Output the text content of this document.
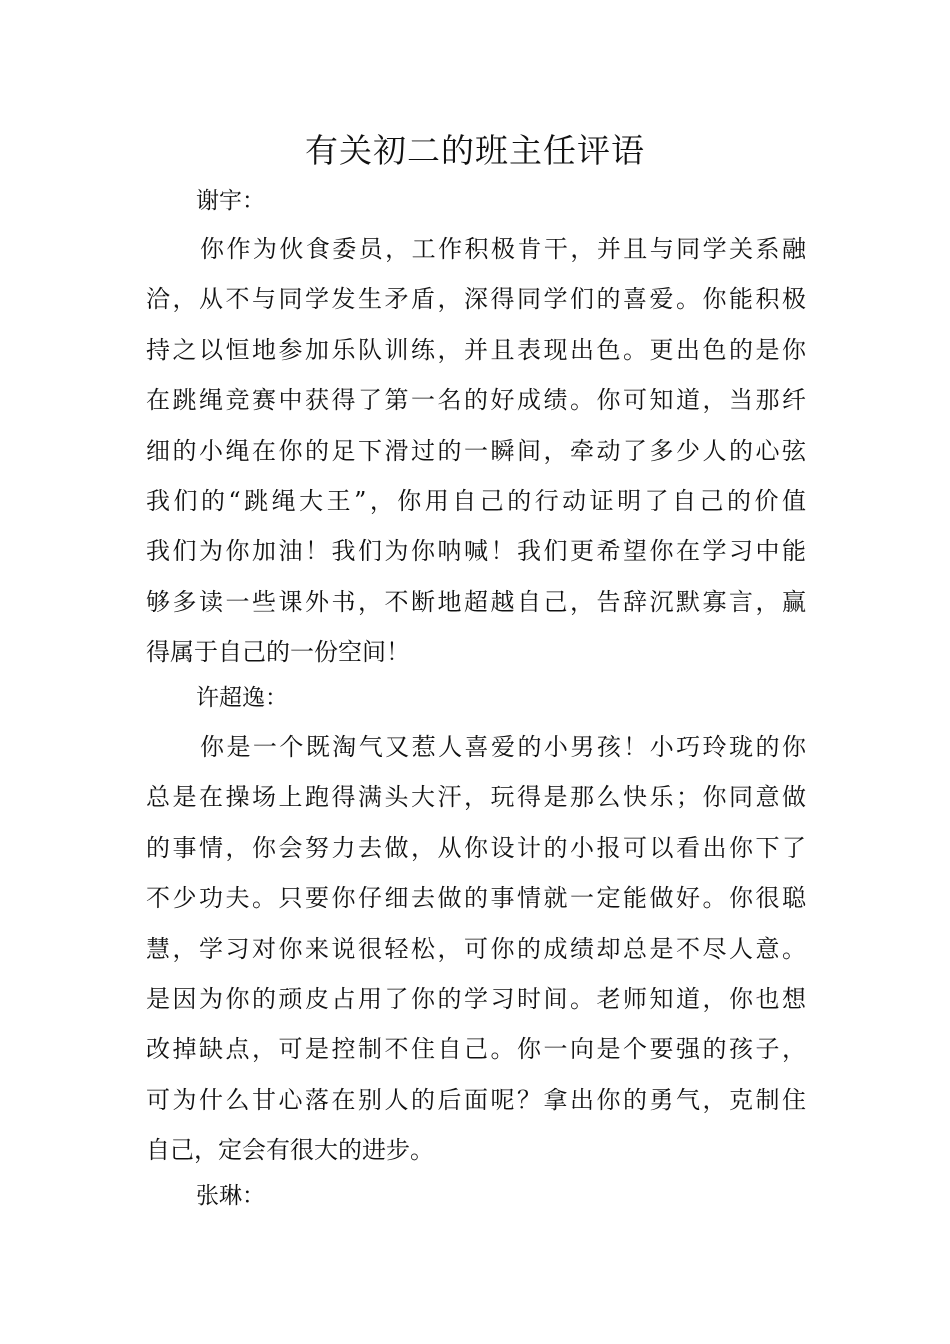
有关初二的班主任评语

谢宇：

你作为伙食委员，工作积极肯干，并且与同学关系融
洽，从不与同学发生矛盾，深得同学们的喜爱。你能积极
持之以恒地参加乐队训练，并且表现出色。更出色的是你
在跳绳竞赛中获得了第一名的好成绩。你可知道，当那纤
细的小绳在你的足下滑过的一瞬间，牵动了多少人的心弦
我们的“跳绳大王”，你用自己的行动证明了自己的价值
我们为你加油！我们为你呐喊！我们更希望你在学习中能
够多读一些课外书，不断地超越自己，告辞沉默寡言，赢
得属于自己的一份空间！

许超逸：

你是一个既淘气又惹人喜爱的小男孩！小巧玲珑的你
总是在操场上跑得满头大汗，玩得是那么快乐；你同意做
的事情，你会努力去做，从你设计的小报可以看出你下了
不少功夫。只要你仔细去做的事情就一定能做好。你很聪
慧，学习对你来说很轻松，可你的成绩却总是不尽人意。
是因为你的顽皮占用了你的学习时间。老师知道，你也想
改掉缺点，可是控制不住自己。你一向是个要强的孩子，
可为什么甘心落在别人的后面呢？拿出你的勇气，克制住
自己，定会有很大的进步。

张琳：
